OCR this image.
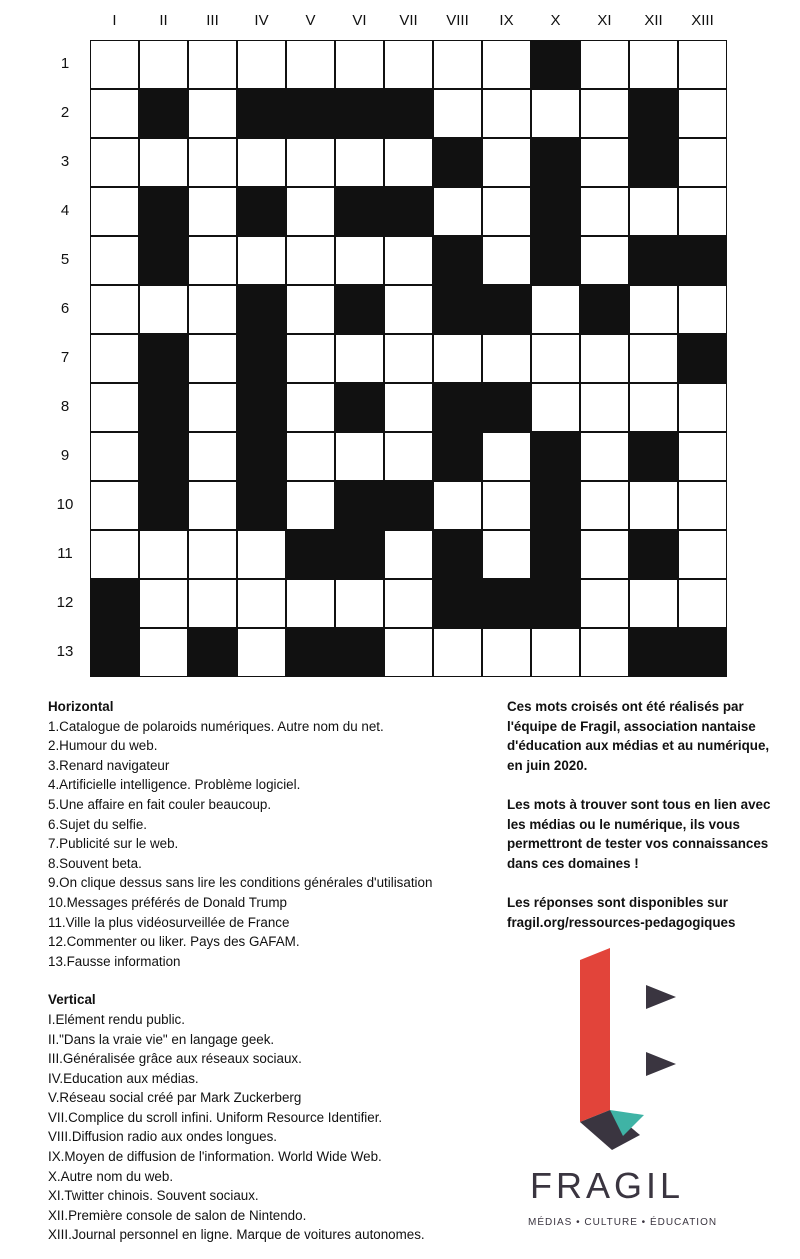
I	II	III	IV	V	VI	VII	VIII	IX	X	XI	XII	XIII
1
2
3
4
5
6
7
8
9
10
11
12
13
Horizontal
1.Catalogue de polaroids numériques. Autre nom du net.
2.Humour du web.
3.Renard navigateur
4.Artificielle intelligence. Problème logiciel.
5.Une affaire en fait couler beaucoup.
6.Sujet du selfie.
7.Publicité sur le web.
8.Souvent beta.
9.On clique dessus sans lire les conditions générales d'utilisation
10.Messages préférés de Donald Trump
11.Ville la plus vidéosurveillée de France
12.Commenter ou liker. Pays des GAFAM.
13.Fausse information
Vertical
I.Elément rendu public.
II."Dans la vraie vie" en langage geek.
III.Généralisée grâce aux réseaux sociaux.
IV.Education aux médias.
V.Réseau social créé par Mark Zuckerberg
VII.Complice du scroll infini. Uniform Resource Identifier.
VIII.Diffusion radio aux ondes longues.
IX.Moyen de diffusion de l'information. World Wide Web.
X.Autre nom du web.
XI.Twitter chinois. Souvent sociaux.
XII.Première console de salon de Nintendo.
XIII.Journal personnel en ligne. Marque de voitures autonomes.

Ces mots croisés ont été réalisés par l'équipe de Fragil, association nantaise d'éducation aux médias et au numérique, en juin 2020.

Les mots à trouver sont tous en lien avec les médias ou le numérique, ils vous permettront de tester vos connaissances dans ces domaines !

Les réponses sont disponibles sur fragil.org/ressources-pedagogiques

FRAGIL
MÉDIAS • CULTURE • ÉDUCATION
